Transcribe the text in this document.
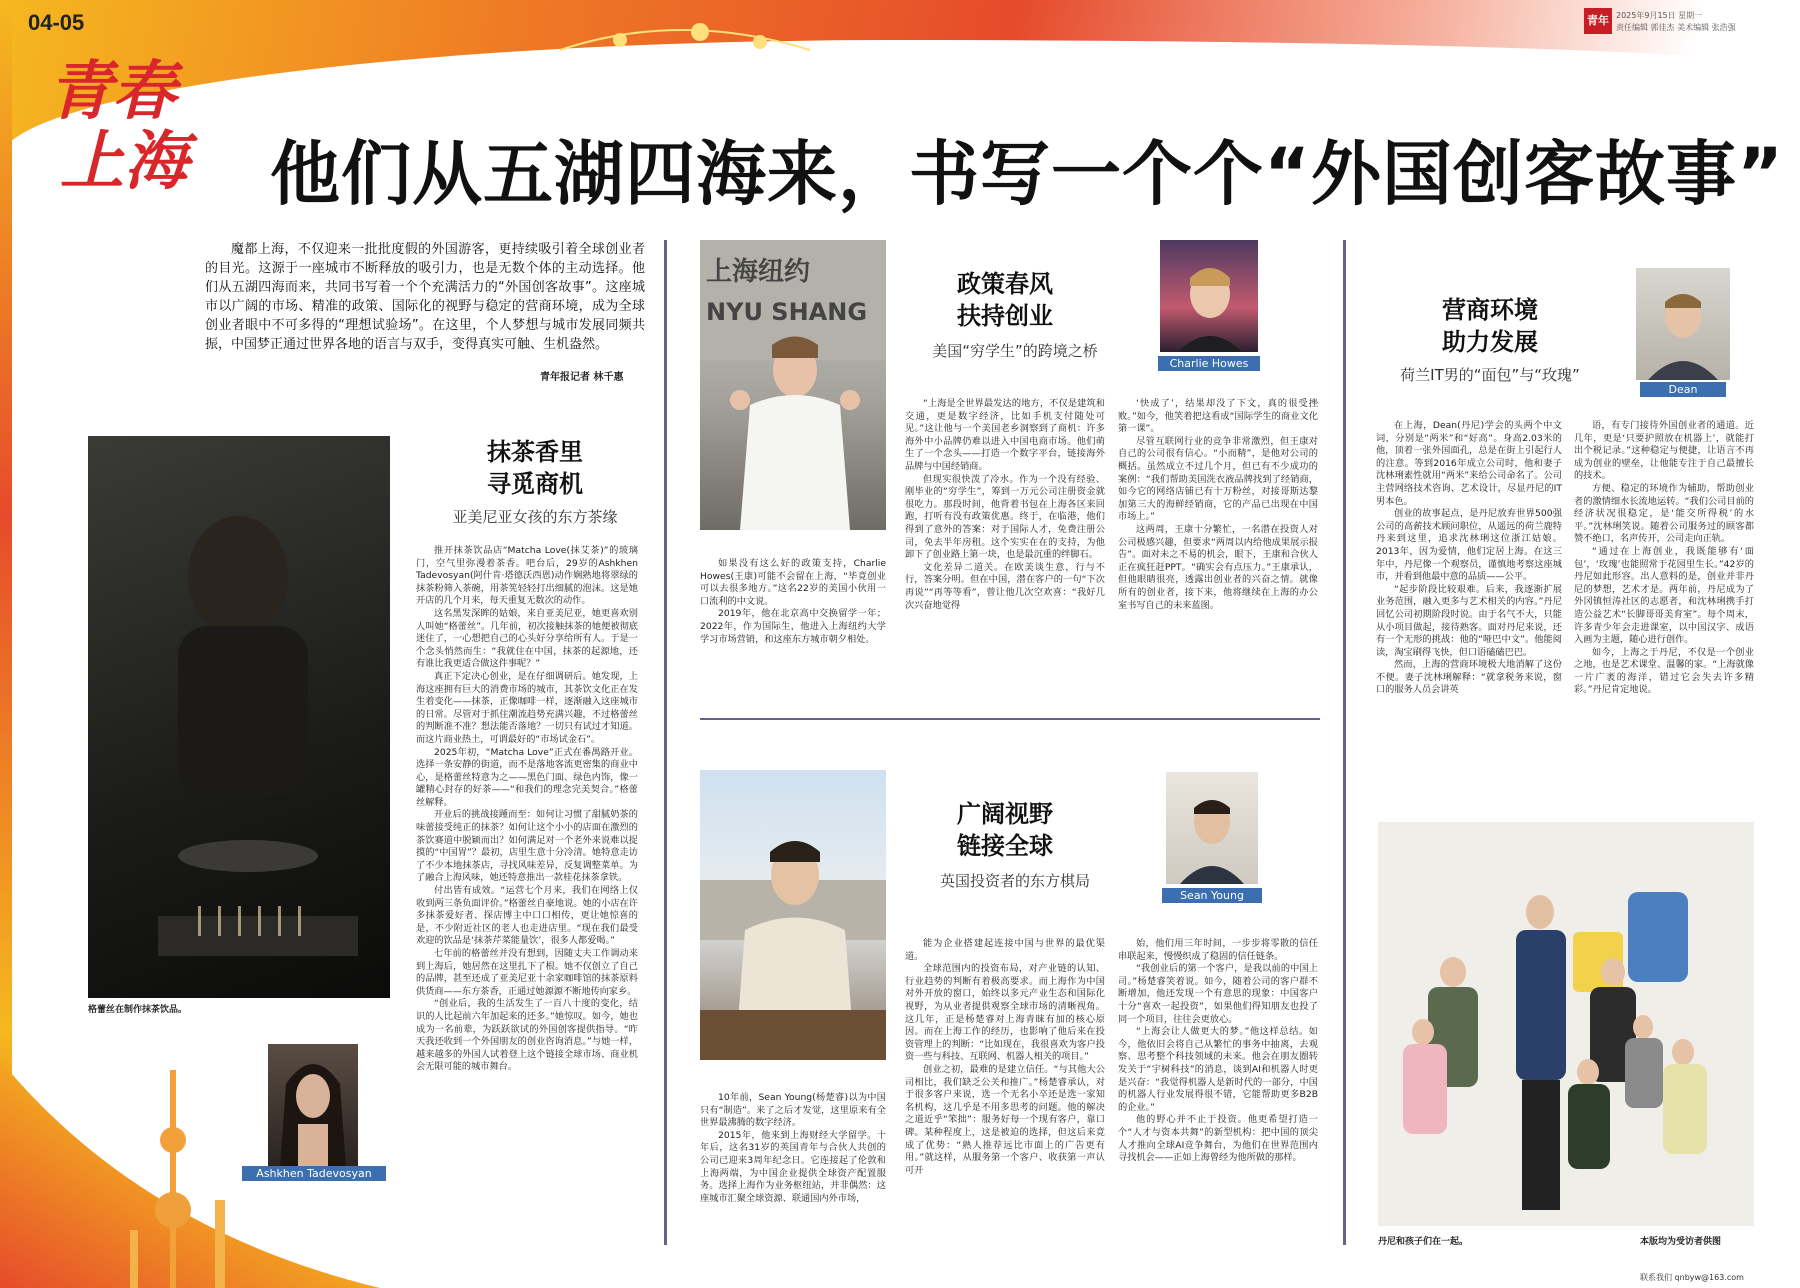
04-05	青年 2025年9月15日 星期一
责任编辑 郭佳杰 美术编辑 张浩强
青春
上海 他们从五湖四海来，书写一个个“外国创客故事”
魔都上海，不仅迎来一批批度假的外国游客，更持续吸引着全球创业者的目光。这源于一座城市不断释放的吸引力，也是无数个体的主动选择。他们从五湖四海而来，共同书写着一个个充满活力的“外国创客故事”。这座城市以广阔的市场、精准的政策、国际化的视野与稳定的营商环境，成为全球创业者眼中不可多得的“理想试验场”。在这里，个人梦想与城市发展同频共振，中国梦正通过世界各地的语言与双手，变得真实可触、生机盎然。
青年报记者 林千惠
格蕾丝在制作抹茶饮品。
抹茶香里
寻觅商机
亚美尼亚女孩的东方茶缘

推开抹茶饮品店“Matcha Love(抹艾茶)”的玻璃门，空气里弥漫着茶香。吧台后，29岁的Ashkhen Tadevosyan(阿什肯·塔德沃西恩)动作娴熟地将翠绿的抹茶粉筛入茶碗，用茶筅轻轻打出细腻的泡沫。这是她开店的几个月来，每天重复无数次的动作。

这名黑发深眸的姑娘，来自亚美尼亚，她更喜欢别人叫她“格蕾丝”。几年前，初次接触抹茶的她便被彻底迷住了，一心想把自己的心头好分享给所有人。于是一个念头悄然而生：“我就住在中国，抹茶的起源地，还有谁比我更适合做这件事呢？”

真正下定决心创业，是在仔细调研后。她发现，上海这座拥有巨大的消费市场的城市，其茶饮文化正在发生着变化——抹茶，正像咖啡一样，逐渐融入这座城市的日常。尽管对于抓住潮流趋势充满兴趣，不过格蕾丝的判断准不准？想法能否落地？一切只有试过才知道。而这片商业热土，可谓最好的“市场试金石”。

2025年初，“Matcha Love”正式在番禺路开业。选择一条安静的街道，而不是落地客流更密集的商业中心，是格蕾丝特意为之——黑色门面、绿色内饰，像一罐精心封存的好茶——“和我们的理念完美契合。”格蕾丝解释。

开业后的挑战接踵而至：如何让习惯了甜腻奶茶的味蕾接受纯正的抹茶？如何让这个小小的店面在激烈的茶饮赛道中脱颖而出？如何满足对一个老外来说难以捉摸的“中国胃”？最初，店里生意十分冷清。她特意走访了不少本地抹茶店，寻找风味差异，反复调整菜单。为了融合上海风味，她还特意推出一款桂花抹茶拿铁。

付出皆有成效。“运营七个月来，我们在网络上仅收到两三条负面评价。”格蕾丝自豪地说。她的小店在许多抹茶爱好者、探店博主中口口相传，更让她惊喜的是，不少附近社区的老人也走进店里。“现在我们最受欢迎的饮品是‘抹茶芹菜能量饮’，很多人都爱喝。”

七年前的格蕾丝并没有想到，因随丈夫工作调动来到上海后，她居然在这里扎下了根。她不仅创立了自己的品牌，甚至还成了亚美尼亚十余家咖啡馆的抹茶原料供货商——东方茶香，正通过她源源不断地传向家乡。

“创业后，我的生活发生了一百八十度的变化，结识的人比起前六年加起来的还多。”她惊叹。如今，她也成为一名前辈，为跃跃欲试的外国创客提供指导。“昨天我还收到一个外国朋友的创业咨询消息。”与她一样，越来越多的外国人试着登上这个链接全球市场、商业机会无限可能的城市舞台。

Ashkhen Tadevosyan
上海纽约
NYU SHANG

如果没有这么好的政策支持，Charlie Howes(王康)可能不会留在上海，“毕竟创业可以去很多地方。”这名22岁的美国小伙用一口流利的中文说。

2019年，他在北京高中交换留学一年；2022年，作为国际生，他进入上海纽约大学学习市场营销，和这座东方城市朝夕相处。

政策春风
扶持创业
美国“穷学生”的跨境之桥
Charlie Howes

“上海是全世界最发达的地方，不仅是建筑和交通，更是数字经济，比如手机支付随处可见。”这让他与一个美国老乡洞察到了商机：许多海外中小品牌仍难以进入中国电商市场。他们萌生了一个念头——打造一个数字平台，链接海外品牌与中国经销商。

但现实很快泼了冷水。作为一个没有经验、刚毕业的“穷学生”，筹到一万元公司注册资金就很吃力。那段时间，他背着书包在上海各区来回跑，打听有没有政策优惠。终于，在临港，他们得到了意外的答案：对于国际人才，免费注册公司，免去半年房租。这个实实在在的支持，为他卸下了创业路上第一块，也是最沉重的绊脚石。

文化差异二道关。在欧美谈生意，行与不行，答案分明。但在中国，潜在客户的一句“下次再说”“再等等看”，曾让他几次空欢喜：“我好几次兴奋地觉得

‘快成了’，结果却没了下文，真的很受挫败。”如今，他笑着把这看成“国际学生的商业文化第一课”。

尽管互联网行业的竞争非常激烈，但王康对自己的公司很有信心。“小而精”，是他对公司的概括。虽然成立不过几个月，但已有不少成功的案例：“我们帮助美国洗衣液品牌找到了经销商，如今它的网络店铺已有十万粉丝，对接哥斯达黎加第三大的海鲜经销商，它的产品已出现在中国市场上。”

这两周，王康十分繁忙，一名潜在投资人对公司极感兴趣，但要求“两周以内给他成果展示报告”。面对未之不易的机会，眼下，王康和合伙人正在疯狂赶PPT。“确实会有点压力。”王康承认，但他眼睛很亮，透露出创业者的兴奋之情。就像所有的创业者，接下来，他将继续在上海的办公室书写自己的未来蓝图。

10年前，Sean Young(杨楚睿)以为中国只有“制造”。来了之后才发觉，这里原来有全世界最沸腾的数字经济。

2015年，他来到上海财经大学留学。十年后，这名31岁的英国青年与合伙人共创的公司已迎来3周年纪念日。它连接起了伦敦和上海两端，为中国企业提供全球资产配置服务。选择上海作为业务枢纽站，并非偶然：这座城市汇聚全球资源、联通国内外市场，

广阔视野
链接全球
英国投资者的东方棋局
Sean Young

能为企业搭建起连接中国与世界的最优渠道。

全球范围内的投资布局，对产业链的认知、行业趋势的判断有着极高要求。而上海作为中国对外开放的窗口，始终以多元产业生态和国际化视野，为从业者提供观察全球市场的清晰视角。这几年，正是杨楚睿对上海青睐有加的核心原因。而在上海工作的经历，也影响了他后来在投资管理上的判断：“比如现在，我很喜欢为客户投资一些与科技、互联网、机器人相关的项目。”

创业之初，最难的是建立信任。“与其他大公司相比，我们缺乏公关和推广。”杨楚睿承认，对于很多客户来说，选一个无名小卒还是选一家知名机构，这几乎是不用多思考的问题。他的解决之道近乎“笨拙”：服务好每一个现有客户，靠口碑。某种程度上，这是被迫的选择，但这后来竟成了优势：“熟人推荐远比市面上的广告更有用。”就这样，从服务第一个客户、收获第一声认可开

始，他们用三年时间，一步步将零散的信任串联起来，慢慢织成了稳固的信任链条。

“我创业后的第一个客户，是我以前的中国上司。”杨楚睿笑着说。如今，随着公司的客户群不断增加，他还发现一个有意思的现象：中国客户十分“喜欢一起投资”，如果他们得知朋友也投了同一个项目，往往会更放心。

“上海会让人做更大的梦。”他这样总结。如今，他依旧会将自己从繁忙的事务中抽离，去观察、思考整个科技领域的未来。他会在朋友圈转发关于“宇树科技”的消息，谈到AI和机器人时更是兴奋：“我觉得机器人是新时代的一部分，中国的机器人行业发展得很不错，它能帮助更多B2B的企业。”

他的野心并不止于投资。他更希望打造一个“人才与资本共舞”的新型机构：把中国的顶尖人才推向全球AI竞争舞台，为他们在世界范围内寻找机会——正如上海曾经为他所做的那样。

营商环境
助力发展
荷兰IT男的“面包”与“玫瑰”
Dean

在上海，Dean(丹尼)学会的头两个中文词，分别是“两米”和“好高”。身高2.03米的他，顶着一张外国面孔，总是在街上引起行人的注意。等到2016年成立公司时，他和妻子沈林琍素性就用“两米”来给公司命名了。公司主营网络技术咨询、艺术设计，尽显丹尼的IT男本色。

创业的故事起点，是丹尼放弃世界500强公司的高薪技术顾问职位，从遥远的荷兰鹿特丹来到这里，追求沈林琍这位浙江姑娘。2013年，因为爱情，他们定居上海。在这三年中，丹尼像一个观察员，谨慎地考察这座城市，并看到他最中意的品质——公平。

“起步阶段比较艰难。后来，我逐渐扩展业务范围，融入更多与艺术相关的内容。”丹尼回忆公司初期阶段时说。由于名气不大，只能从小项目做起，接待熟客。面对丹尼来说，还有一个无形的挑战：他的“哑巴中文”。他能阅读，淘宝刷得飞快，但口语磕磕巴巴。

然而，上海的营商环境极大地消解了这份不便。妻子沈林琍解释：“就拿税务来说，窗口的服务人员会讲英

语，有专门接待外国创业者的通道。近几年，更是‘只要护照放在机器上’，就能打出个税记录。”这种稳定与便捷，让语言不再成为创业的壁垒，让他能专注于自己最擅长的技术。

方便、稳定的环境作为辅助，帮助创业者的激情细水长流地运转。“我们公司目前的经济状况很稳定，是‘能交所得税’的水平。”沈林琍笑说。随着公司服务过的顾客都赞不绝口，名声传开，公司走向正轨。

“通过在上海创业，我既能够有‘面包’，‘玫瑰’也能照常于花园里生长。”42岁的丹尼如此形容。出人意料的是，创业并非丹尼的梦想，艺术才是。两年前，丹尼成为了外冈镇恒涛社区的志愿者，和沈林琍携手打造公益艺术“长脚哥哥美育室”。每个周末，许多青少年会走进课室，以中国汉字、成语入画为主题，随心进行创作。

如今，上海之于丹尼，不仅是一个创业之地，也是艺术课堂、温馨的家。“上海就像一片广袤的海洋，错过它会失去许多精彩。”丹尼肯定地说。

丹尼和孩子们在一起。	本版均为受访者供图
联系我们 qnbyw@163.com
